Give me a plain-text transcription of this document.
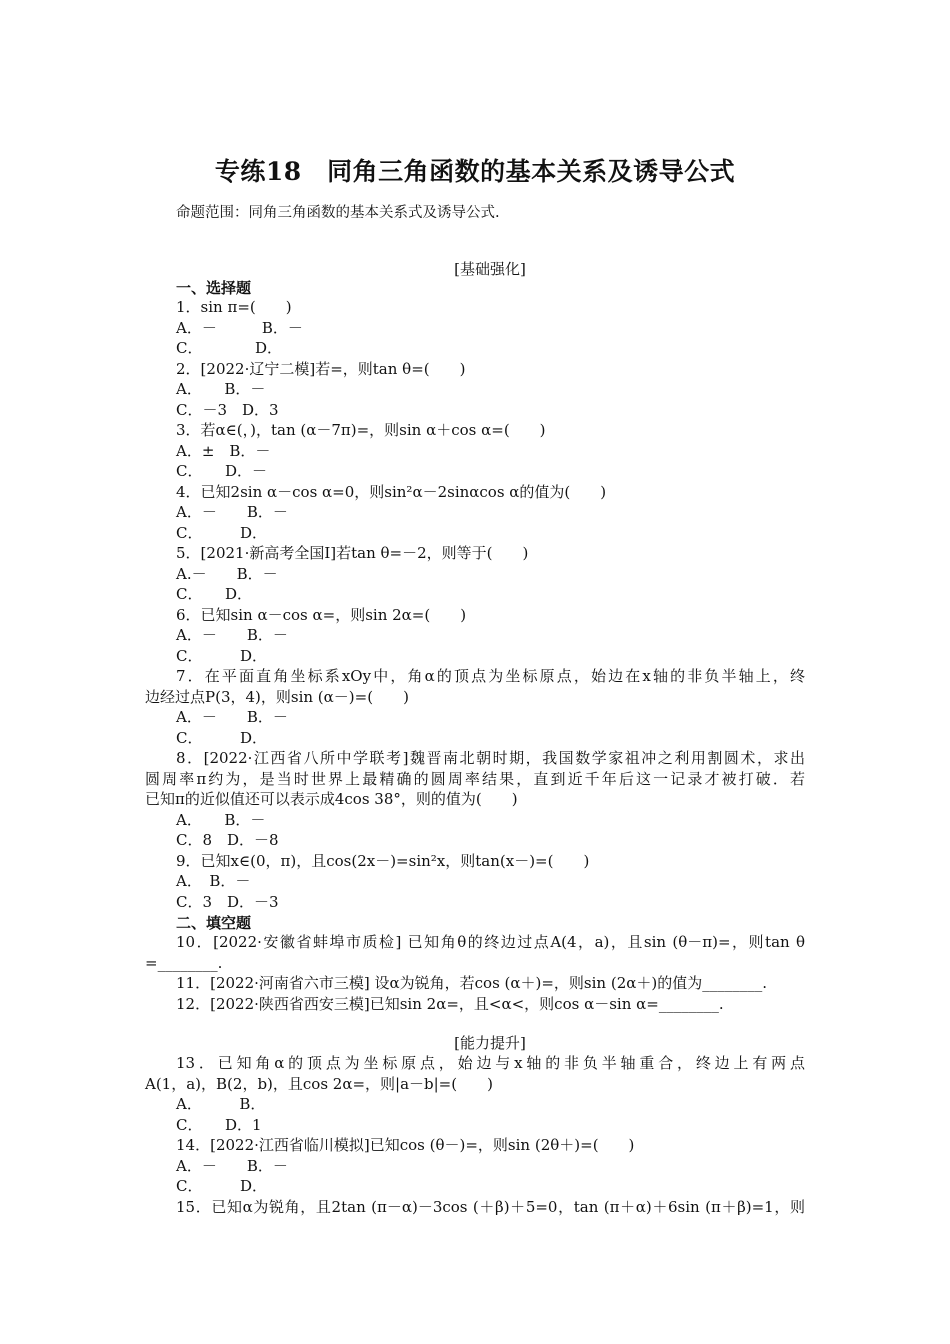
专练18　同角三角函数的基本关系及诱导公式
命题范围：同角三角函数的基本关系式及诱导公式.
[基础强化]
一、选择题
1．sin π=(　　)
A．－　　　B．－
C．　　　　D．
2．[2022·辽宁二模]若=，则tan θ=(　　)
A．　　B．－
C．－3　D．3
3．若α∈(，)，tan (α－7π)=，则sin α＋cos α=(　　)
A．±　B．－
C．　　D．－
4．已知2sin α－cos α=0，则sin²α－2sinαcos α的值为(　　)
A．－　　B．－
C．　　　D．
5．[2021·新高考全国Ⅰ]若tan θ=－2，则等于(　　)
A.－　　B．－
C．　　D．
6．已知sin α－cos α=，则sin 2α=(　　)
A．－　　B．－
C．　　　D．
7．在平面直角坐标系xOy中，角α的顶点为坐标原点，始边在x轴的非负半轴上，终
边经过点P(3，4)，则sin (α－)=(　　)
A．－　　B．－
C．　　　D．
8．[2022·江西省八所中学联考]魏晋南北朝时期，我国数学家祖冲之利用割圆术，求出
圆周率π约为，是当时世界上最精确的圆周率结果，直到近千年后这一记录才被打破．若
已知π的近似值还可以表示成4cos 38°，则的值为(　　)
A．　　B．－
C．8　D．－8
9．已知x∈(0，π)，且cos(2x－)=sin²x，则tan(x－)=(　　)
A．　B．－
C．3　D．－3
二、填空题
10．[2022·安徽省蚌埠市质检] 已知角θ的终边过点A(4，a)，且sin (θ－π)=，则tan θ
=________.
11．[2022·河南省六市三模] 设α为锐角，若cos (α＋)=，则sin (2α＋)的值为________.
12．[2022·陕西省西安三模]已知sin 2α=，且<α<，则cos α－sin α=________.
[能力提升]
13．已知角α的顶点为坐标原点，始边与x轴的非负半轴重合，终边上有两点
A(1，a)，B(2，b)，且cos 2α=，则|a－b|=(　　)
A．　　　B．
C．　　D．1
14．[2022·江西省临川模拟]已知cos (θ－)=，则sin (2θ＋)=(　　)
A．－　　B．－
C．　　　D．
15．已知α为锐角，且2tan (π－α)－3cos (＋β)＋5=0，tan (π＋α)＋6sin (π＋β)=1，则
